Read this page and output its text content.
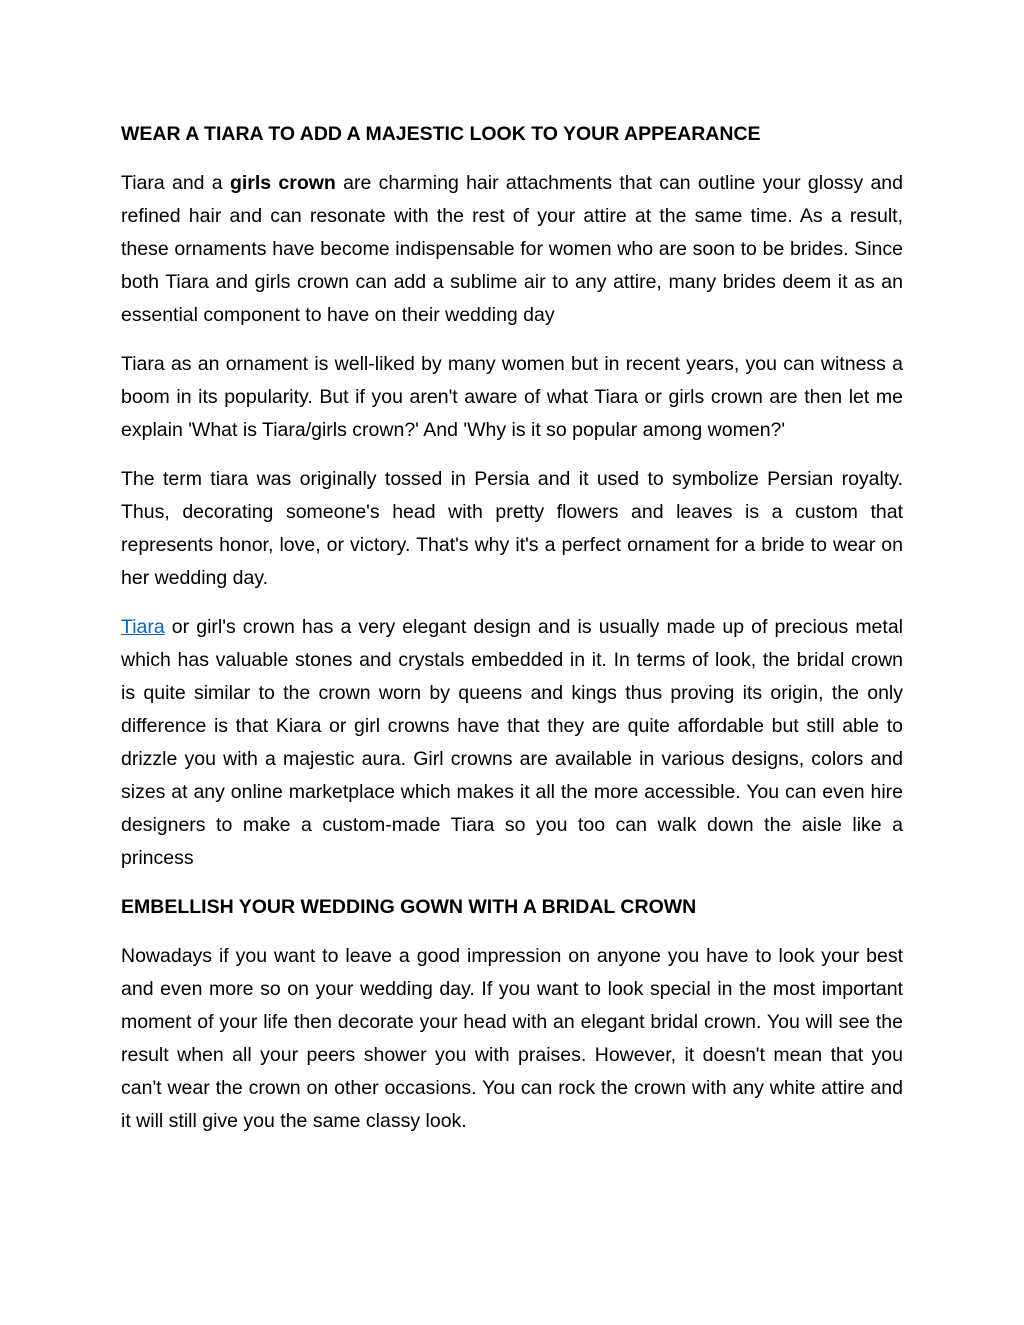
WEAR A TIARA TO ADD A MAJESTIC LOOK TO YOUR APPEARANCE

Tiara and a girls crown are charming hair attachments that can outline your glossy and refined hair and can resonate with the rest of your attire at the same time. As a result, these ornaments have become indispensable for women who are soon to be brides. Since both Tiara and girls crown can add a sublime air to any attire, many brides deem it as an essential component to have on their wedding day

Tiara as an ornament is well-liked by many women but in recent years, you can witness a boom in its popularity. But if you aren't aware of what Tiara or girls crown are then let me explain 'What is Tiara/girls crown?' And 'Why is it so popular among women?'

The term tiara was originally tossed in Persia and it used to symbolize Persian royalty. Thus, decorating someone's head with pretty flowers and leaves is a custom that represents honor, love, or victory. That's why it's a perfect ornament for a bride to wear on her wedding day.

Tiara or girl's crown has a very elegant design and is usually made up of precious metal which has valuable stones and crystals embedded in it. In terms of look, the bridal crown is quite similar to the crown worn by queens and kings thus proving its origin, the only difference is that Kiara or girl crowns have that they are quite affordable but still able to drizzle you with a majestic aura. Girl crowns are available in various designs, colors and sizes at any online marketplace which makes it all the more accessible. You can even hire designers to make a custom-made Tiara so you too can walk down the aisle like a princess

EMBELLISH YOUR WEDDING GOWN WITH A BRIDAL CROWN

Nowadays if you want to leave a good impression on anyone you have to look your best and even more so on your wedding day. If you want to look special in the most important moment of your life then decorate your head with an elegant bridal crown. You will see the result when all your peers shower you with praises. However, it doesn't mean that you can't wear the crown on other occasions. You can rock the crown with any white attire and it will still give you the same classy look.
